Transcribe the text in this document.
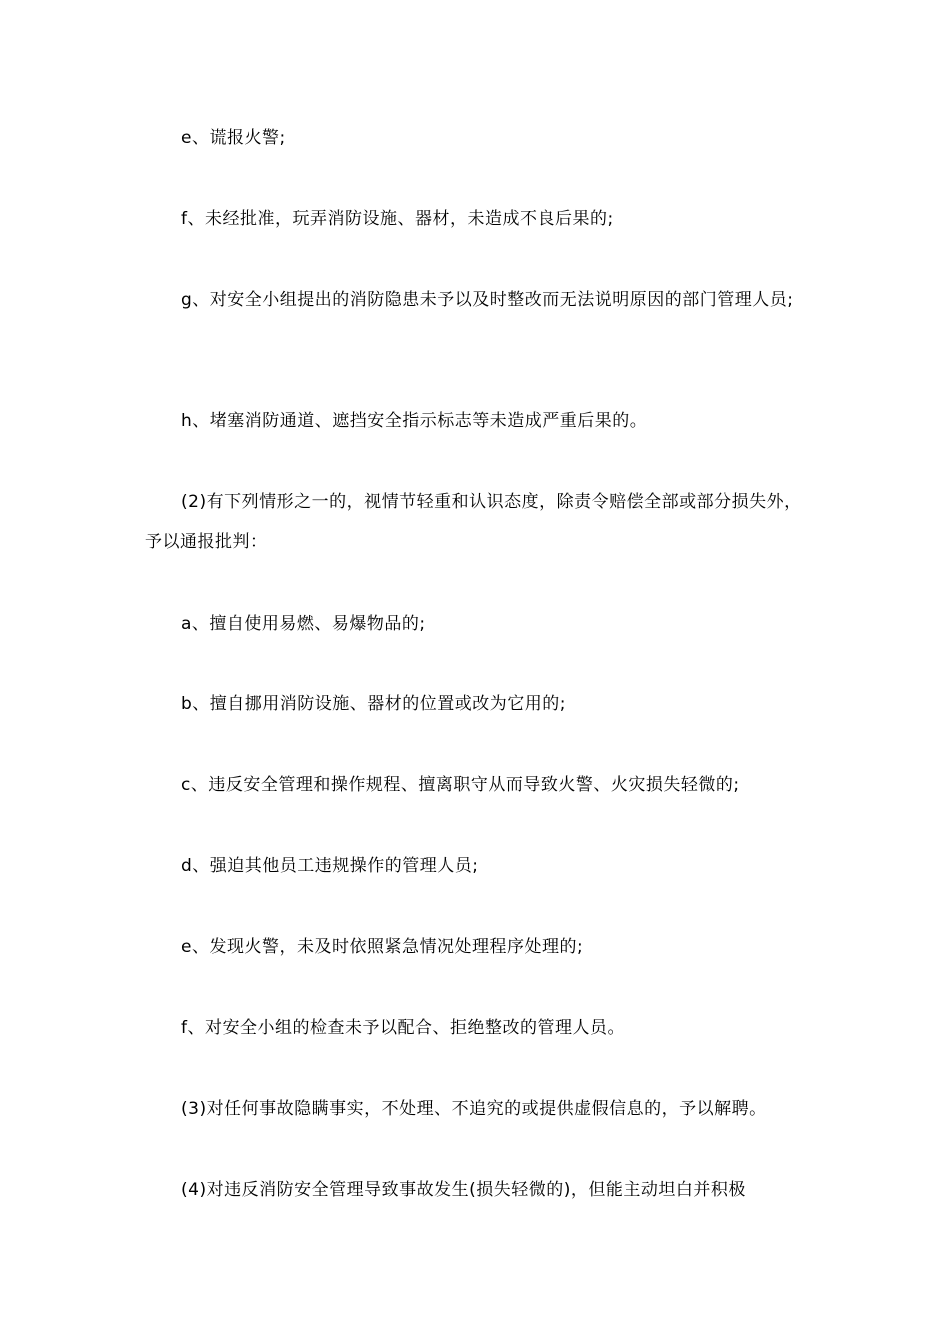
e、谎报火警;

f、未经批准，玩弄消防设施、器材，未造成不良后果的;

g、对安全小组提出的消防隐患未予以及时整改而无法说明原因的部门管理人员;

h、堵塞消防通道、遮挡安全指示标志等未造成严重后果的。

(2)有下列情形之一的，视情节轻重和认识态度，除责令赔偿全部或部分损失外，予以通报批判：

a、擅自使用易燃、易爆物品的;

b、擅自挪用消防设施、器材的位置或改为它用的;

c、违反安全管理和操作规程、擅离职守从而导致火警、火灾损失轻微的;

d、强迫其他员工违规操作的管理人员;

e、发现火警，未及时依照紧急情况处理程序处理的;

f、对安全小组的检查未予以配合、拒绝整改的管理人员。

(3)对任何事故隐瞒事实，不处理、不追究的或提供虚假信息的，予以解聘。

(4)对违反消防安全管理导致事故发生(损失轻微的)，但能主动坦白并积极
